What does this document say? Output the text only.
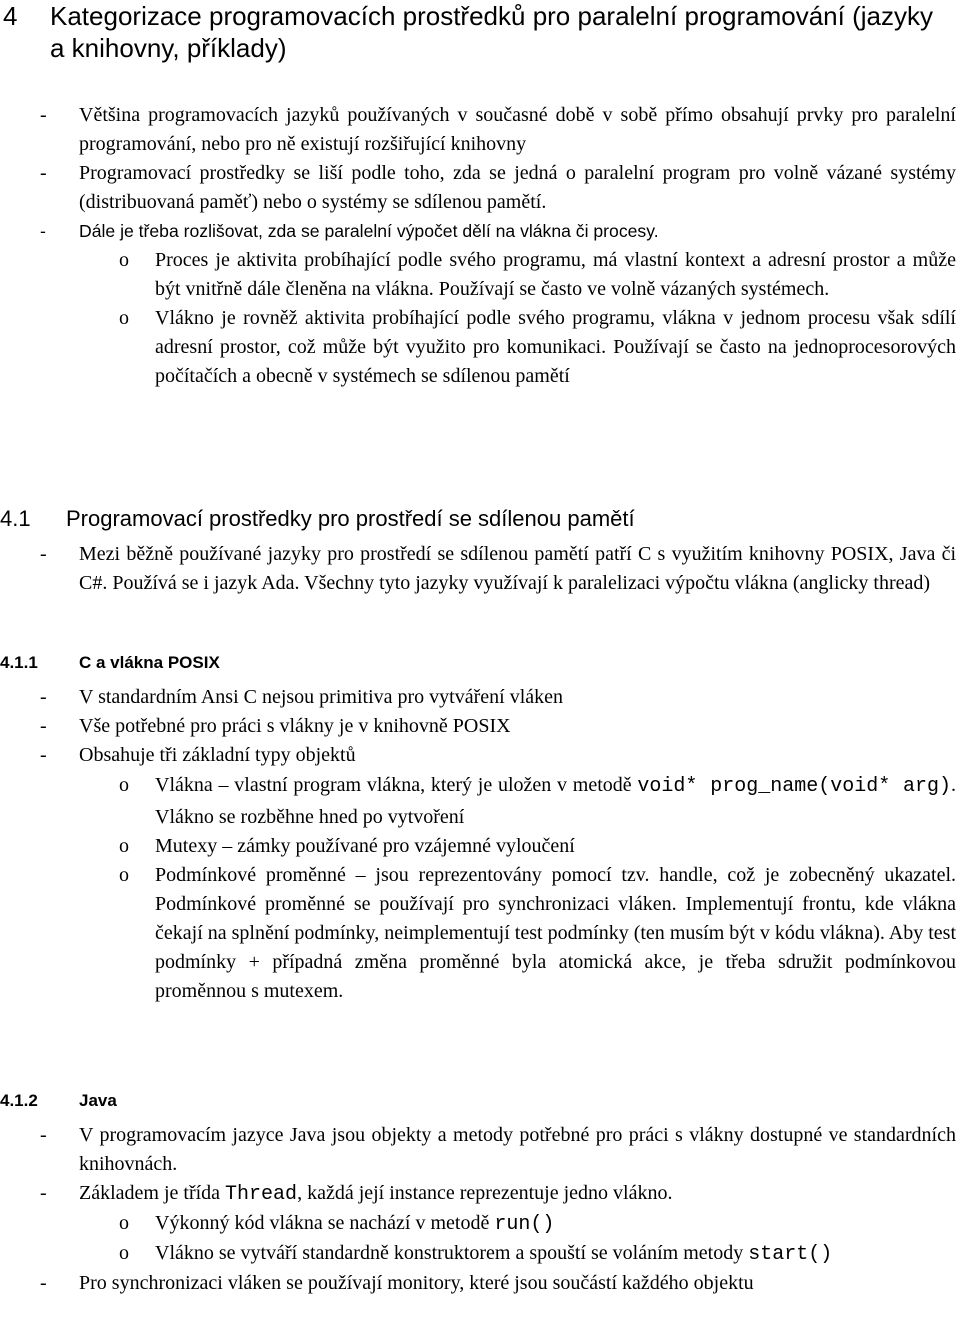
4 Kategorizace programovacích prostředků pro paralelní programování (jazyky a knihovny, příklady)
- Většina programovacích jazyků používaných v současné době v sobě přímo obsahují prvky pro paralelní programování, nebo pro ně existují rozšiřující knihovny
- Programovací prostředky se liší podle toho, zda se jedná o paralelní program pro volně vázané systémy (distribuovaná paměť) nebo o systémy se sdílenou pamětí.
- Dále je třeba rozlišovat, zda se paralelní výpočet dělí na vlákna či procesy.
o Proces je aktivita probíhající podle svého programu, má vlastní kontext a adresní prostor a může být vnitřně dále členěna na vlákna. Používají se často ve volně vázaných systémech.
o Vlákno je rovněž aktivita probíhající podle svého programu, vlákna v jednom procesu však sdílí adresní prostor, což může být využito pro komunikaci. Používají se často na jednoprocesorových počítačích a obecně v systémech se sdílenou pamětí
4.1 Programovací prostředky pro prostředí se sdílenou pamětí
- Mezi běžně používané jazyky pro prostředí se sdílenou pamětí patří C s využitím knihovny POSIX, Java či C#. Používá se i jazyk Ada. Všechny tyto jazyky využívají k paralelizaci výpočtu vlákna (anglicky thread)
4.1.1 C a vlákna POSIX
- V standardním Ansi C nejsou primitiva pro vytváření vláken
- Vše potřebné pro práci s vlákny je v knihovně POSIX
- Obsahuje tři základní typy objektů
o Vlákna – vlastní program vlákna, který je uložen v metodě void* prog_name(void* arg). Vlákno se rozběhne hned po vytvoření
o Mutexy – zámky používané pro vzájemné vyloučení
o Podmínkové proměnné – jsou reprezentovány pomocí tzv. handle, což je zobecněný ukazatel. Podmínkové proměnné se používají pro synchronizaci vláken. Implementují frontu, kde vlákna čekají na splnění podmínky, neimplementují test podmínky (ten musím být v kódu vlákna). Aby test podmínky + případná změna proměnné byla atomická akce, je třeba sdružit podmínkovou proměnnou s mutexem.
4.1.2 Java
- V programovacím jazyce Java jsou objekty a metody potřebné pro práci s vlákny dostupné ve standardních knihovnách.
- Základem je třída Thread, každá její instance reprezentuje jedno vlákno.
o Výkonný kód vlákna se nachází v metodě run()
o Vlákno se vytváří standardně konstruktorem a spouští se voláním metody start()
- Pro synchronizaci vláken se používají monitory, které jsou součástí každého objektu
